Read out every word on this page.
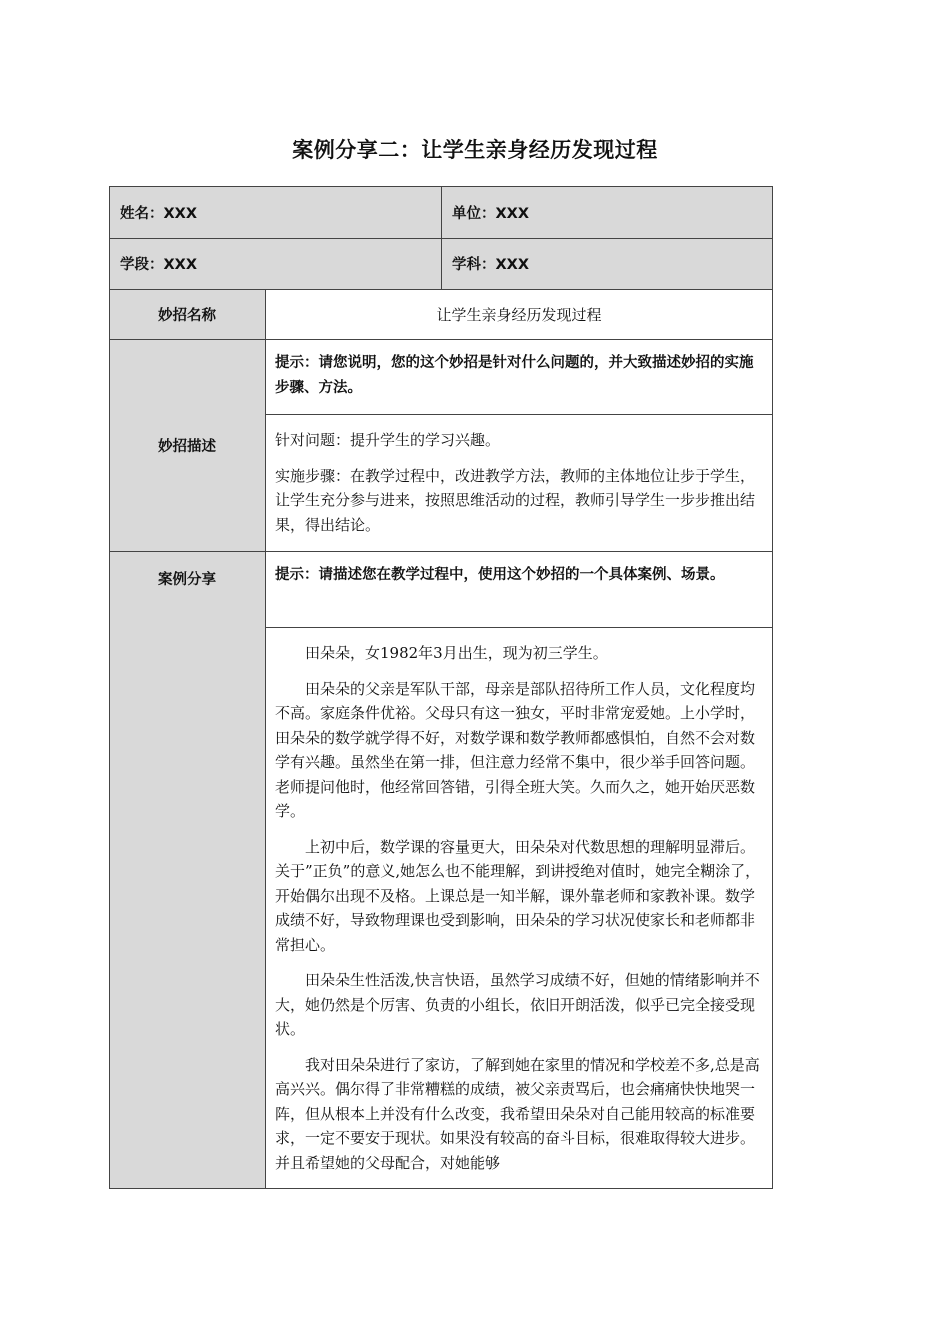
案例分享二：让学生亲身经历发现过程
姓名：XXX	单位：XXX
学段：XXX	学科：XXX
妙招名称	让学生亲身经历发现过程
妙招描述
提示：请您说明，您的这个妙招是针对什么问题的，并大致描述妙招的实施步骤、方法。

针对问题：提升学生的学习兴趣。

实施步骤：在教学过程中，改进教学方法，教师的主体地位让步于学生，让学生充分参与进来，按照思维活动的过程，教师引导学生一步步推出结果，得出结论。

案例分享	提示：请描述您在教学过程中，使用这个妙招的一个具体案例、场景。

田朵朵，女1982年3月出生，现为初三学生。

田朵朵的父亲是军队干部，母亲是部队招待所工作人员，文化程度均不高。家庭条件优裕。父母只有这一独女，平时非常宠爱她。上小学时，田朵朵的数学就学得不好，对数学课和数学教师都感惧怕，自然不会对数学有兴趣。虽然坐在第一排，但注意力经常不集中，很少举手回答问题。老师提问他时，他经常回答错，引得全班大笑。久而久之，她开始厌恶数学。

上初中后，数学课的容量更大，田朵朵对代数思想的理解明显滞后。关于”正负”的意义,她怎么也不能理解，到讲授绝对值时，她完全糊涂了，开始偶尔出现不及格。上课总是一知半解，课外靠老师和家教补课。数学成绩不好，导致物理课也受到影响，田朵朵的学习状况使家长和老师都非常担心。

田朵朵生性活泼,快言快语，虽然学习成绩不好，但她的情绪影响并不大，她仍然是个厉害、负责的小组长，依旧开朗活泼，似乎已完全接受现状。

我对田朵朵进行了家访，了解到她在家里的情况和学校差不多,总是高高兴兴。偶尔得了非常糟糕的成绩，被父亲责骂后，也会痛痛快快地哭一阵，但从根本上并没有什么改变，我希望田朵朵对自己能用较高的标准要求，一定不要安于现状。如果没有较高的奋斗目标，很难取得较大进步。并且希望她的父母配合，对她能够
